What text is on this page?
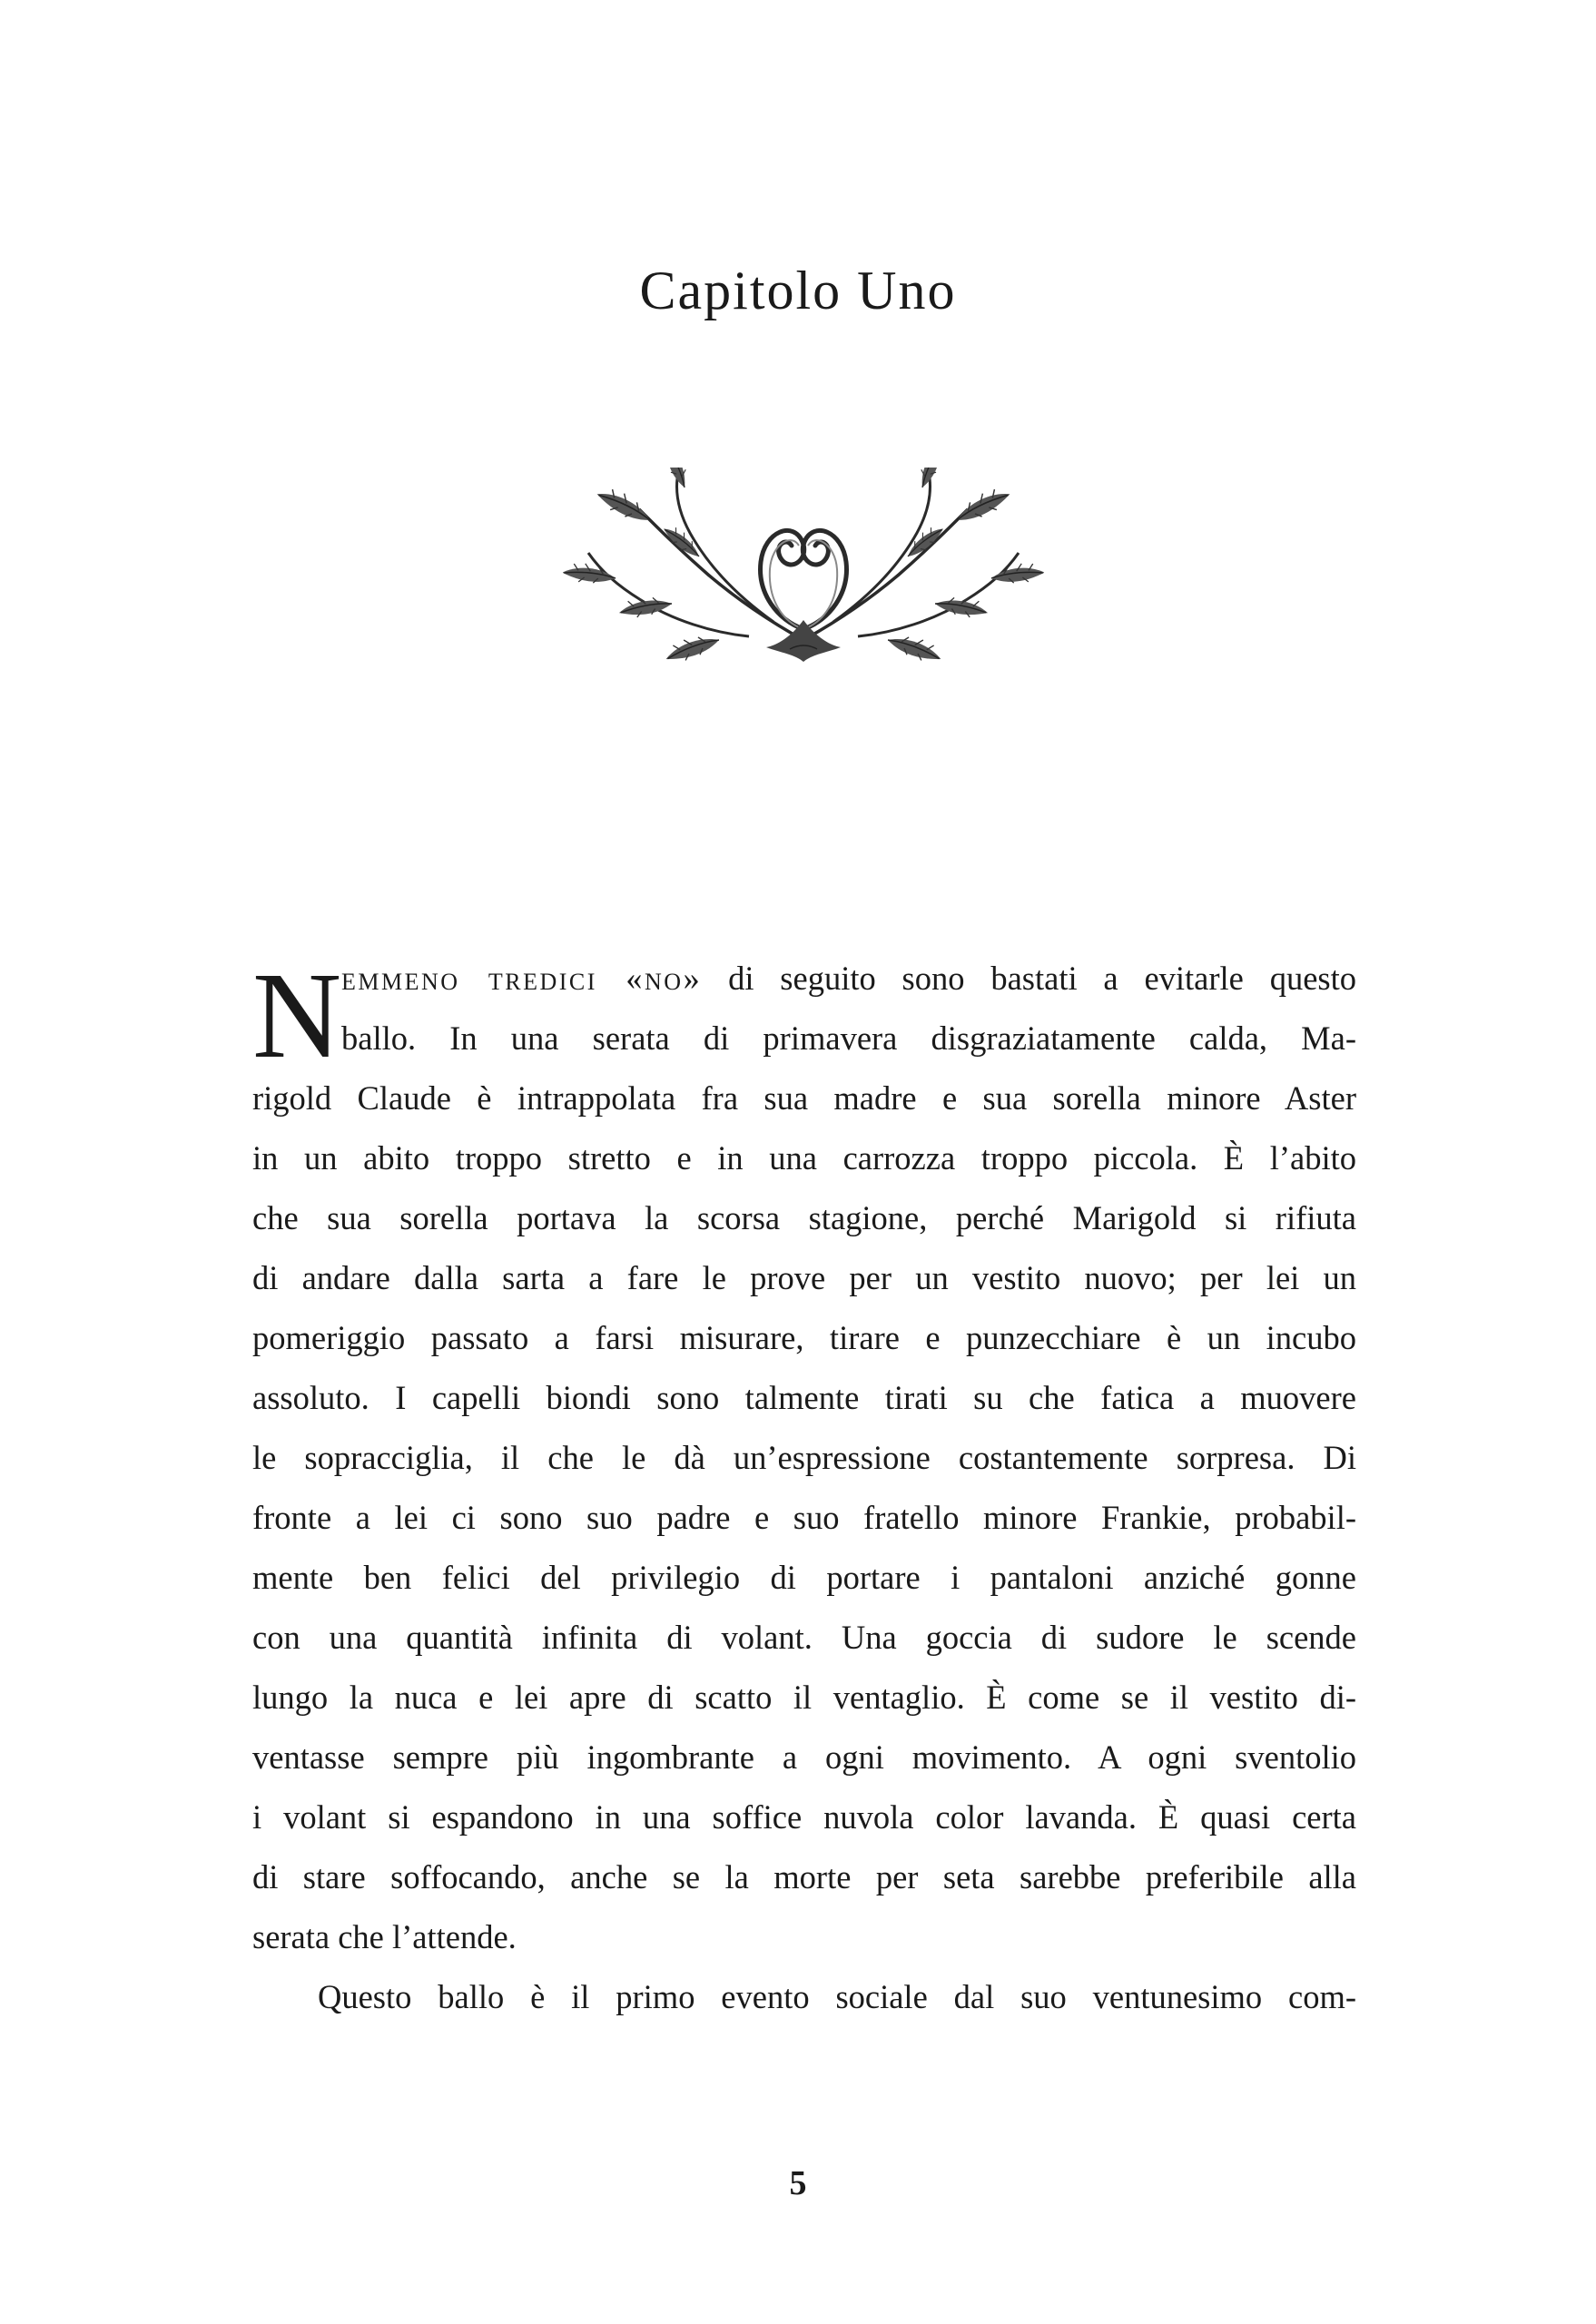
Capitolo Uno
N emmeno tredici «no» di seguito sono bastati a evitarle questo
ballo. In una serata di primavera disgraziatamente calda, Ma-
rigold Claude è intrappolata fra sua madre e sua sorella minore Aster
in un abito troppo stretto e in una carrozza troppo piccola. È l’abito
che sua sorella portava la scorsa stagione, perché Marigold si rifiuta
di andare dalla sarta a fare le prove per un vestito nuovo; per lei un
pomeriggio passato a farsi misurare, tirare e punzecchiare è un incubo
assoluto. I capelli biondi sono talmente tirati su che fatica a muovere
le sopracciglia, il che le dà un’espressione costantemente sorpresa. Di
fronte a lei ci sono suo padre e suo fratello minore Frankie, probabil-
mente ben felici del privilegio di portare i pantaloni anziché gonne
con una quantità infinita di volant. Una goccia di sudore le scende
lungo la nuca e lei apre di scatto il ventaglio. È come se il vestito di-
ventasse sempre più ingombrante a ogni movimento. A ogni sventolio
i volant si espandono in una soffice nuvola color lavanda. È quasi certa
di stare soffocando, anche se la morte per seta sarebbe preferibile alla
serata che l’attende.
Questo ballo è il primo evento sociale dal suo ventunesimo com-
5
